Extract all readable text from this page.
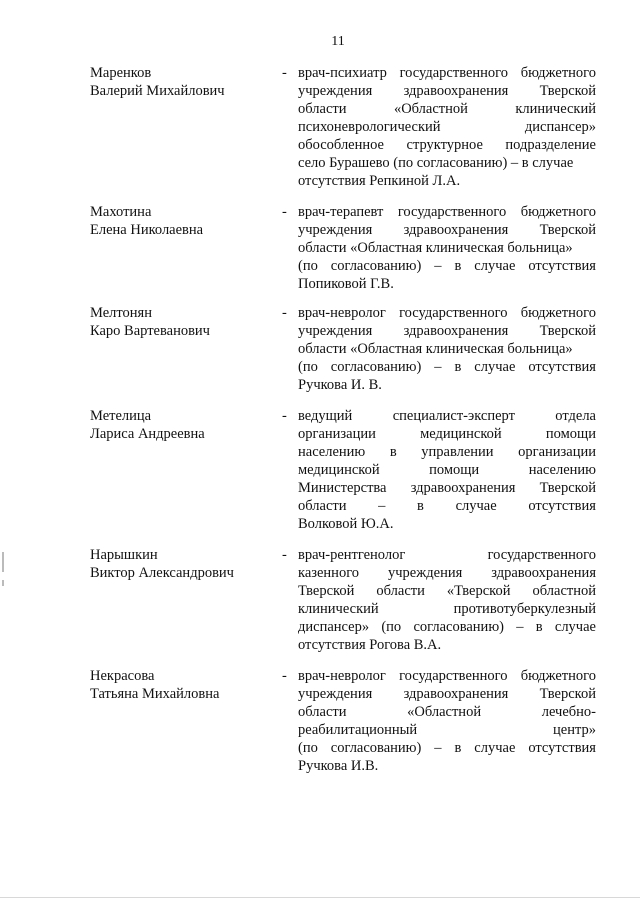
11
Маренков
Валерий Михайлович
- врач-психиатр государственного бюджетного
учреждения здравоохранения Тверской
области	«Областной	клинический
психоневрологический	диспансер»
обособленное структурное подразделение
село Бурашево (по согласованию) – в случае
отсутствия Репкиной Л.А.
Махотина
Елена Николаевна
- врач-терапевт государственного бюджетного
учреждения здравоохранения Тверской
области «Областная клиническая больница»
(по согласованию) – в случае отсутствия
Попиковой Г.В.
Мелтонян
Каро Вартеванович
- врач-невролог государственного бюджетного
учреждения здравоохранения Тверской
области «Областная клиническая больница»
(по согласованию) – в случае отсутствия
Ручкова И. В.
Метелица
Лариса Андреевна
- ведущий	специалист-эксперт	отдела
организации	медицинской	помощи
населению в управлении организации
медицинской	помощи	населению
Министерства здравоохранения Тверской
области – в случае отсутствия
Волковой Ю.А.
Нарышкин
Виктор Александрович
- врач-рентгенолог	государственного
казенного учреждения здравоохранения
Тверской области «Тверской областной
клинический	противотуберкулезный
диспансер» (по согласованию) – в случае
отсутствия Рогова В.А.
Некрасова
Татьяна Михайловна
- врач-невролог государственного бюджетного
учреждения здравоохранения Тверской
области	«Областной	лечебно-
реабилитационный	центр»
(по согласованию) – в случае отсутствия
Ручкова И.В.
